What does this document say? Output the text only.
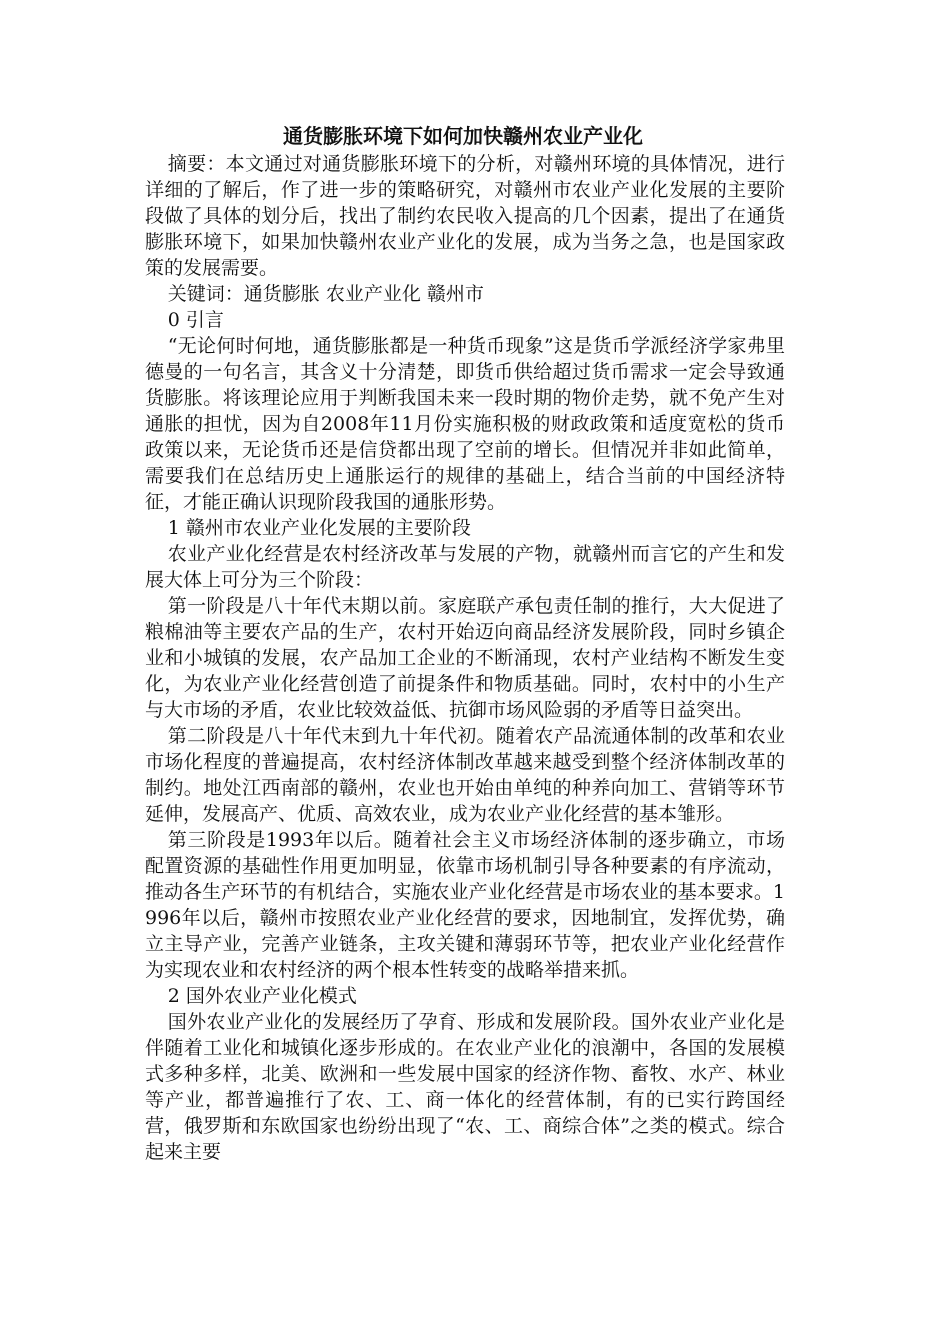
通货膨胀环境下如何加快赣州农业产业化
摘要：本文通过对通货膨胀环境下的分析，对赣州环境的具体情况，进行详细的了解后，作了进一步的策略研究，对赣州市农业产业化发展的主要阶段做了具体的划分后，找出了制约农民收入提高的几个因素，提出了在通货膨胀环境下，如果加快赣州农业产业化的发展，成为当务之急，也是国家政策的发展需要。
关键词：通货膨胀 农业产业化 赣州市
0 引言
“无论何时何地，通货膨胀都是一种货币现象”这是货币学派经济学家弗里德曼的一句名言，其含义十分清楚，即货币供给超过货币需求一定会导致通货膨胀。将该理论应用于判断我国未来一段时期的物价走势，就不免产生对通胀的担忧，因为自2008年11月份实施积极的财政政策和适度宽松的货币政策以来，无论货币还是信贷都出现了空前的增长。但情况并非如此简单，需要我们在总结历史上通胀运行的规律的基础上，结合当前的中国经济特征，才能正确认识现阶段我国的通胀形势。
1 赣州市农业产业化发展的主要阶段
农业产业化经营是农村经济改革与发展的产物，就赣州而言它的产生和发展大体上可分为三个阶段：
第一阶段是八十年代末期以前。家庭联产承包责任制的推行，大大促进了粮棉油等主要农产品的生产，农村开始迈向商品经济发展阶段，同时乡镇企业和小城镇的发展，农产品加工企业的不断涌现，农村产业结构不断发生变化，为农业产业化经营创造了前提条件和物质基础。同时，农村中的小生产与大市场的矛盾，农业比较效益低、抗御市场风险弱的矛盾等日益突出。
第二阶段是八十年代末到九十年代初。随着农产品流通体制的改革和农业市场化程度的普遍提高，农村经济体制改革越来越受到整个经济体制改革的制约。地处江西南部的赣州，农业也开始由单纯的种养向加工、营销等环节延伸，发展高产、优质、高效农业，成为农业产业化经营的基本雏形。
第三阶段是1993年以后。随着社会主义市场经济体制的逐步确立，市场配置资源的基础性作用更加明显，依靠市场机制引导各种要素的有序流动，推动各生产环节的有机结合，实施农业产业化经营是市场农业的基本要求。1996年以后，赣州市按照农业产业化经营的要求，因地制宜，发挥优势，确立主导产业，完善产业链条，主攻关键和薄弱环节等，把农业产业化经营作为实现农业和农村经济的两个根本性转变的战略举措来抓。
2 国外农业产业化模式
国外农业产业化的发展经历了孕育、形成和发展阶段。国外农业产业化是伴随着工业化和城镇化逐步形成的。在农业产业化的浪潮中，各国的发展模式多种多样，北美、欧洲和一些发展中国家的经济作物、畜牧、水产、林业等产业，都普遍推行了农、工、商一体化的经营体制，有的已实行跨国经营，俄罗斯和东欧国家也纷纷出现了“农、工、商综合体”之类的模式。综合起来主要
